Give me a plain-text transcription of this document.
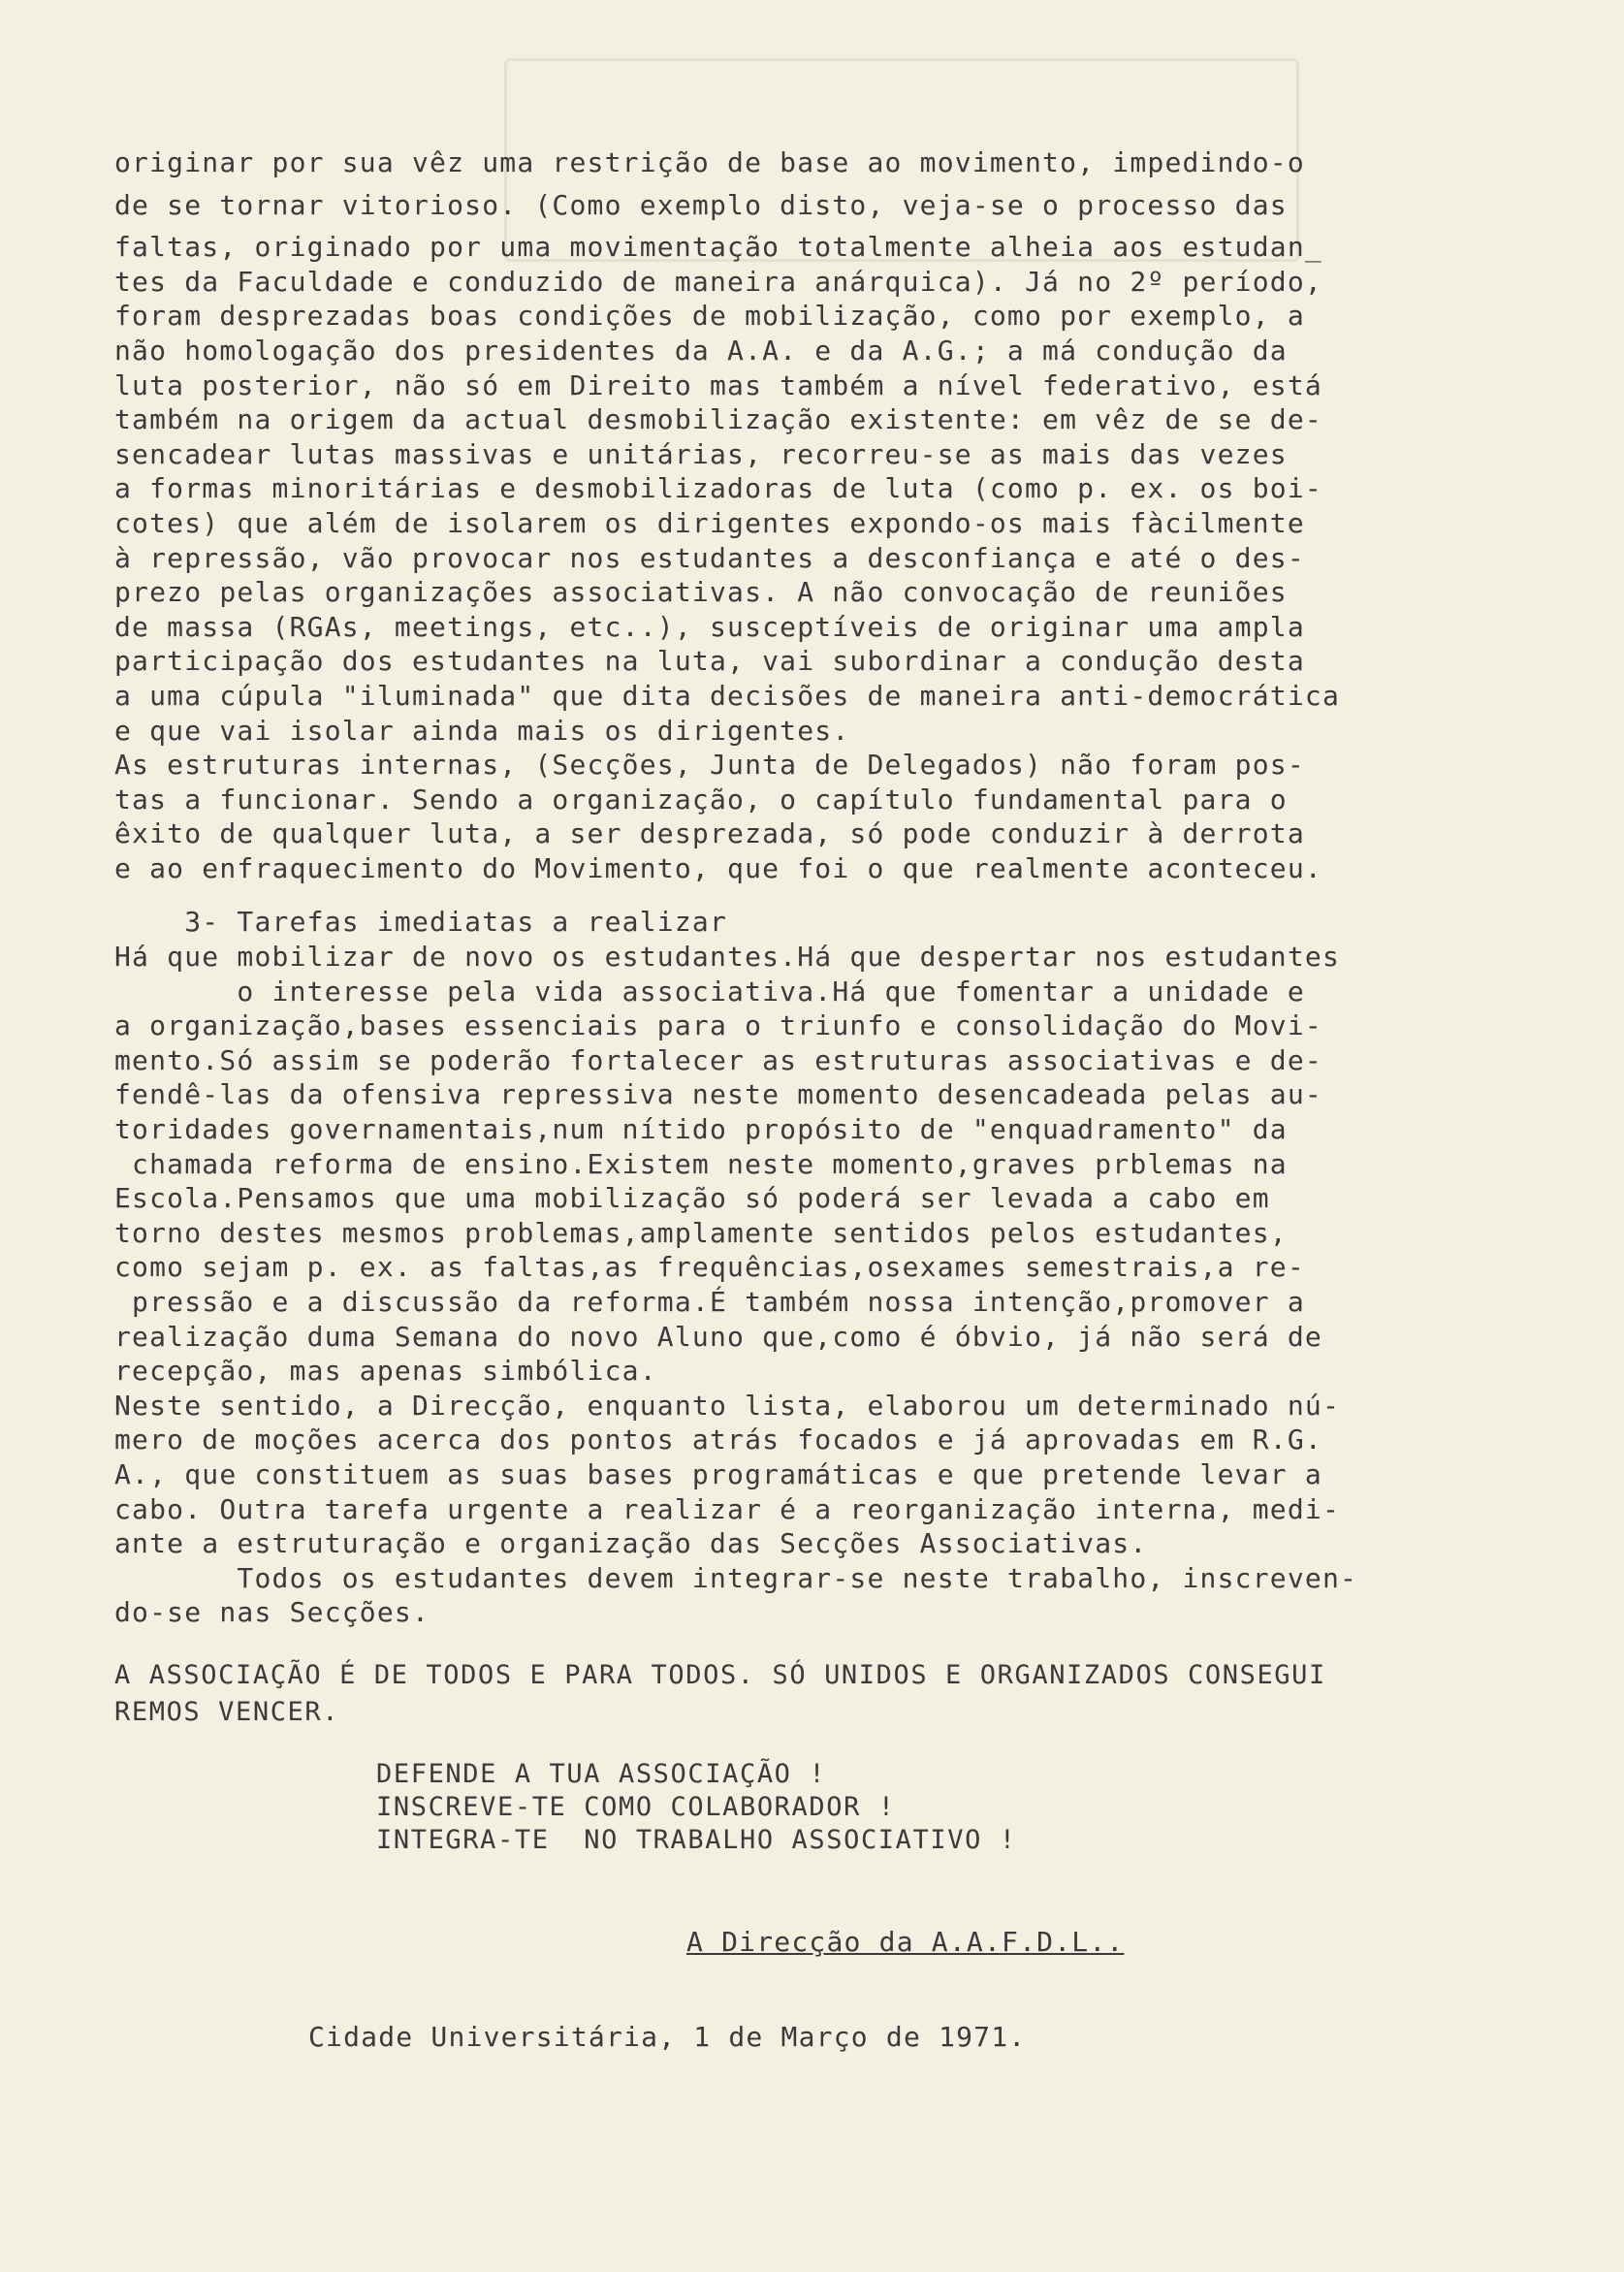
originar por sua vêz uma restrição de base ao movimento, impedindo-o

de se tornar vitorioso. (Como exemplo disto, veja-se o processo das

faltas, originado por uma movimentação totalmente alheia aos estudan_

tes da Faculdade e conduzido de maneira anárquica). Já no 2º período,

foram desprezadas boas condições de mobilização, como por exemplo, a

não homologação dos presidentes da A.A. e da A.G.; a má condução da

luta posterior, não só em Direito mas também a nível federativo, está

também na origem da actual desmobilização existente: em vêz de se de-

sencadear lutas massivas e unitárias, recorreu-se as mais das vezes

a formas minoritárias e desmobilizadoras de luta (como p. ex. os boi-

cotes) que além de isolarem os dirigentes expondo-os mais fàcilmente

à repressão, vão provocar nos estudantes a desconfiança e até o des-

prezo pelas organizações associativas. A não convocação de reuniões

de massa (RGAs, meetings, etc..), susceptíveis de originar uma ampla

participação dos estudantes na luta, vai subordinar a condução desta

a uma cúpula "iluminada" que dita decisões de maneira anti-democrática

e que vai isolar ainda mais os dirigentes.

As estruturas internas, (Secções, Junta de Delegados) não foram pos-

tas a funcionar. Sendo a organização, o capítulo fundamental para o

êxito de qualquer luta, a ser desprezada, só pode conduzir à derrota

e ao enfraquecimento do Movimento, que foi o que realmente aconteceu.

3- Tarefas imediatas a realizar

Há que mobilizar de novo os estudantes.Há que despertar nos estudantes

o interesse pela vida associativa.Há que fomentar a unidade e

a organização,bases essenciais para o triunfo e consolidação do Movi-

mento.Só assim se poderão fortalecer as estruturas associativas e de-

fendê-las da ofensiva repressiva neste momento desencadeada pelas au-

toridades governamentais,num nítido propósito de "enquadramento" da

chamada reforma de ensino.Existem neste momento,graves prblemas na

Escola.Pensamos que uma mobilização só poderá ser levada a cabo em

torno destes mesmos problemas,amplamente sentidos pelos estudantes,

como sejam p. ex. as faltas,as frequências,osexames semestrais,a re-

pressão e a discussão da reforma.É também nossa intenção,promover a

realização duma Semana do novo Aluno que,como é óbvio, já não será de

recepção, mas apenas simbólica.

Neste sentido, a Direcção, enquanto lista, elaborou um determinado nú-

mero de moções acerca dos pontos atrás focados e já aprovadas em R.G.

A., que constituem as suas bases programáticas e que pretende levar a

cabo. Outra tarefa urgente a realizar é a reorganização interna, medi-

ante a estruturação e organização das Secções Associativas.

Todos os estudantes devem integrar-se neste trabalho, inscreven-

do-se nas Secções.

A ASSOCIAÇÃO É DE TODOS E PARA TODOS. SÓ UNIDOS E ORGANIZADOS CONSEGUI

REMOS VENCER.

DEFENDE A TUA ASSOCIAÇÃO !

INSCREVE-TE COMO COLABORADOR !

INTEGRA-TE  NO TRABALHO ASSOCIATIVO !

A Direcção da A.A.F.D.L..

Cidade Universitária, 1 de Março de 1971.
